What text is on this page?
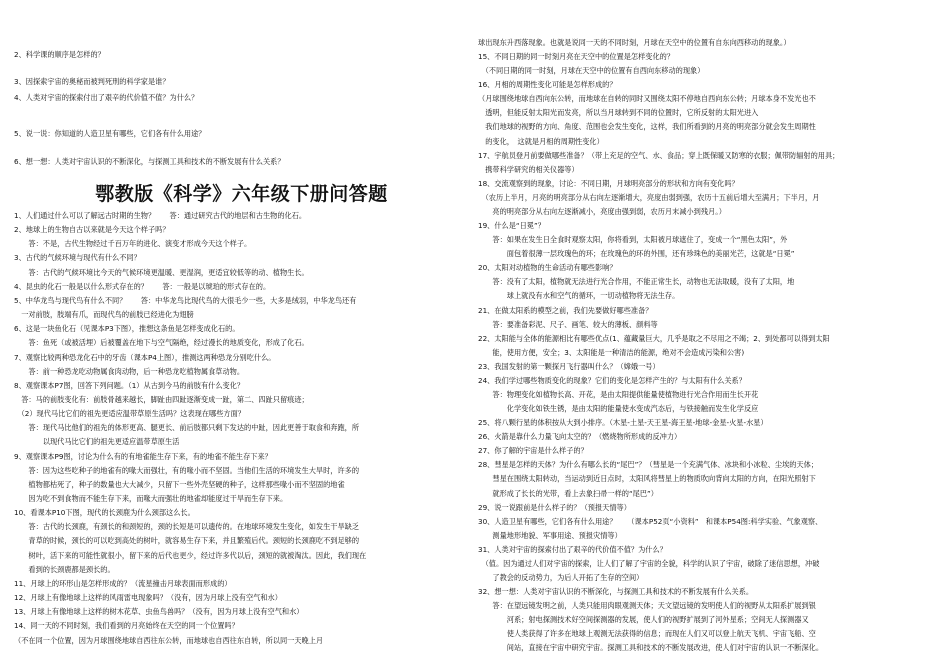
2、科学课的顺序是怎样的？
3、因探索宇宙的奥秘而被判死刑的科学家是谁？
4、人类对宇宙的探索付出了艰辛的代价值不值？为什么？
5、说一说：你知道的人造卫星有哪些，它们各有什么用途？
6、想一想：人类对宇宙认识的不断深化，与探测工具和技术的不断发展有什么关系？
鄂教版《科学》六年级下册问答题
1、人们通过什么可以了解远古时期的生物？　　答：通过研究古代的地层和古生物的化石。
2、地球上的生物自古以来就是今天这个样子吗？
　　答：不是，古代生物经过千百万年的进化、演变才形成今天这个样子。
3、古代的气候环境与现代有什么不同？
　　答：古代的气候环境比今天的气候环境更温暖、更湿润，更适宜较低等的动、植物生长。
4、昆虫的化石一般是以什么形式存在的？　　答：一般是以琥珀的形式存在的。
5、中华龙鸟与现代鸟有什么不同？　　答：中华龙鸟比现代鸟的大很毛少一些，大多是绒羽，中华龙鸟还有
　一对前肢，肢端有爪，而现代鸟的前肢已经进化为翅膀
6、这是一块鱼化石（见课本P3下图），推想这条鱼是怎样变成化石的。
　　答：鱼死（或被活埋）后被覆盖在地下与空气隔绝，经过漫长的地质变化，形成了化石。
7、观察比较两种恐龙化石中的牙齿（课本P4上图），推测这两种恐龙分别吃什么。
　　答：前一种恐龙吃动物属食肉动物，后一种恐龙吃植物属食草动物。
8、观察课本P7图，回答下列问题。（1）从古到今马的前肢有什么变化？
　答：马的前肢变化有：前肢骨越来越长，脚趾由四趾逐渐变成一趾，第二、四趾只留痕迹；
　（2）现代马比它们的祖先更适应温带草原生活吗？这表现在哪些方面？
　　答：现代马比他们的祖先的体形更高、腿更长、前后肢都只剩下发达的中趾，因此更善于取食和奔跑，所
　　　　以现代马比它们的祖先更适应温带草原生活
9、观察课本P9图，讨论为什么有的有地雀能生存下来，有的地雀不能生存下来？
　　答：因为这些吃种子的地雀有的喙大而强壮，有的喙小而不坚固。当他们生活的环境发生大旱时，许多的
　　植物都枯死了，种子的数量也大大减少，只留下一些外壳坚硬的种子，这样那些喙小而不坚固的地雀
　　因为吃不到食物而不能生存下来，而喙大而强壮的地雀却能度过干旱而生存下来。
10、看课本P10下图，现代的长颈鹿为什么颈部这么长。
　　答：古代的长颈鹿，有颈长的和颈短的，颈的长短是可以遗传的。在地球环境发生变化，如发生干旱缺乏
　　青草的时候，颈长的可以吃到高处的树叶，就容易生存下来，并且繁殖后代。颈短的长颈鹿吃不到足够的
　　树叶，活下来的可能性就很小，留下来的后代也更少，经过许多代以后，颈短的就被淘汰。因此，我们现在
　　看到的长颈鹿都是颈长的。
11、月球上的环形山是怎样形成的？（流星撞击月球表面而形成的）
12、月球上有像地球上这样的风雨雷电现象吗？（没有，因为月球上没有空气和水）
13、月球上有像地球上这样的树木花草、虫鱼鸟兽吗？（没有，因为月球上没有空气和水）
14、同一天的不同时刻，我们看到的月亮始终在天空的同一个位置吗？
（不在同一个位置，因为月球围绕地球自西往东公转，而地球也自西往东自转，所以同一天晚上月
球出现东升西落现象。也就是说同一天的不同时刻，月球在天空中的位置有自东向西移动的现象。）
15、不同日期的同一时刻月亮在天空中的位置是怎样变化的？
　（不同日期的同一时刻，月球在天空中的位置有自西向东移动的现象）
16、月相的周期性变化可能是怎样形成的？
（月球围绕地球自西向东公转，而地球在自转的同时又围绕太阳不停地自西向东公转；月球本身不发光也不
　透明，但能反射太阳光而发亮，所以当月球转到不同的位置时，它所反射的太阳光进入
　我们地球的视野的方向、角度、范围也会发生变化，这样，我们所看到的月亮的明亮部分就会发生周期性
　的变化，　这就是月相的周期性变化）
17、宇航员登月前要做哪些准备？（带上充足的空气、水、食品；穿上既保暖又防寒的衣服；佩带防辐射的用具；
　携带科学研究的相关仪器等）
18、交流观察到的现象，讨论：不同日期，月球明亮部分的形状和方向有变化吗？
　（农历上半月，月亮的明亮部分从右向左逐渐增大，亮度由弱到强，农历十五前后增大至满月；下半月，月
　　亮的明亮部分从右向左逐渐减小，亮度由强到弱，农历月末减小到残月。）
19、什么是“日冕”？
　　答：如果在发生日全食时观察太阳，你将看到，太阳被月球遮住了，变成一个“黑色太阳”，外
　　　　面包着很薄一层玫瑰色的环；在玫瑰色的环的外围，还有珍珠色的美丽光芒，这就是“日冕”
20、太阳对动植物的生命活动有哪些影响？
　　答：没有了太阳，植物就无法进行光合作用，不能正常生长，动物也无法取暖，没有了太阳，地
　　　　球上就没有水和空气的循环，一切动植物将无法生存。
21、在做太阳系的模型之前，我们先要做好哪些准备？
　　答：要准备彩泥、尺子、画笔、较大的薄板、颜料等
22、太阳能与全体的能源相比有哪些优点(1、蕴藏量巨大，几乎是取之不尽用之不竭；2、到处都可以得到太阳
　　能，使用方便，安全；3、太阳能是一种清洁的能源，绝对不会造成污染和公害)
23、我国发射的第一颗探月飞行器叫什么？（嫦娥一号）
24、我们学过哪些物质变化的现象？它们的变化是怎样产生的？与太阳有什么关系？
　　答：物理变化如植物长高、开花，是由太阳提供能量使植物进行光合作用而生长开花
　　　　化学变化如铁生锈，是由太阳的能量使水变成汽态后，与铁接触而发生化学反应
25、将八颗行星的体积按从大到小排序。（木星-土星-天王星-海王星-地球-金星-火星-水星）
26、火箭是靠什么力量飞向太空的？（燃烧物所形成的反冲力）
27、你了解的宇宙是什么样子的？
28、彗星是怎样的天体？为什么有哪么长的“尾巴”？（彗星是一个充满气体、冰块和小冰粒、尘埃的天体；
　　彗星在围绕太阳转动，当运动到近日点时，太阳风将彗星上的物质吹向背向太阳的方向，在阳光照射下
　　就形成了长长的光带，看上去象扫帚一样的“尾巴”）
29、说一说跟前是什么样子的？（预报天情等）
30、人造卫星有哪些，它们各有什么用途？　　（课本P52页“小资料”　和课本P54图:科学实验、气象观察、
　　测量地形地貌、军事用途、预报灾情等）
31、人类对宇宙的探索付出了艰辛的代价值不值？为什么？
　（值。因为通过人们对宇宙的探索，让人们了解了宇宙的全貌，科学的认识了宇宙，破除了迷信思想，冲破
　　了教会的反动势力，为后人开拓了生存的空间）
32、想一想：人类对宇宙认识的不断深化，与探测工具和技术的不断发展有什么关系。
　　答：在望远镜发明之前，人类只能用肉眼观测天体；天文望远镜的发明使人们的视野从太阳系扩展到银
　　　　河系；射电探测技术好空间探测器的发展，使人们的视野扩展到了河外星系；空间无人探测器又
　　　　使人类获得了许多在地球上观测无法获得的信息；而现在人们又可以登上航天飞机、宇宙飞船、空
　　　　间站，直接在宇宙中研究宇宙。探测工具和技术的不断发展改进，使人们对宇宙的认识一不断深化。
